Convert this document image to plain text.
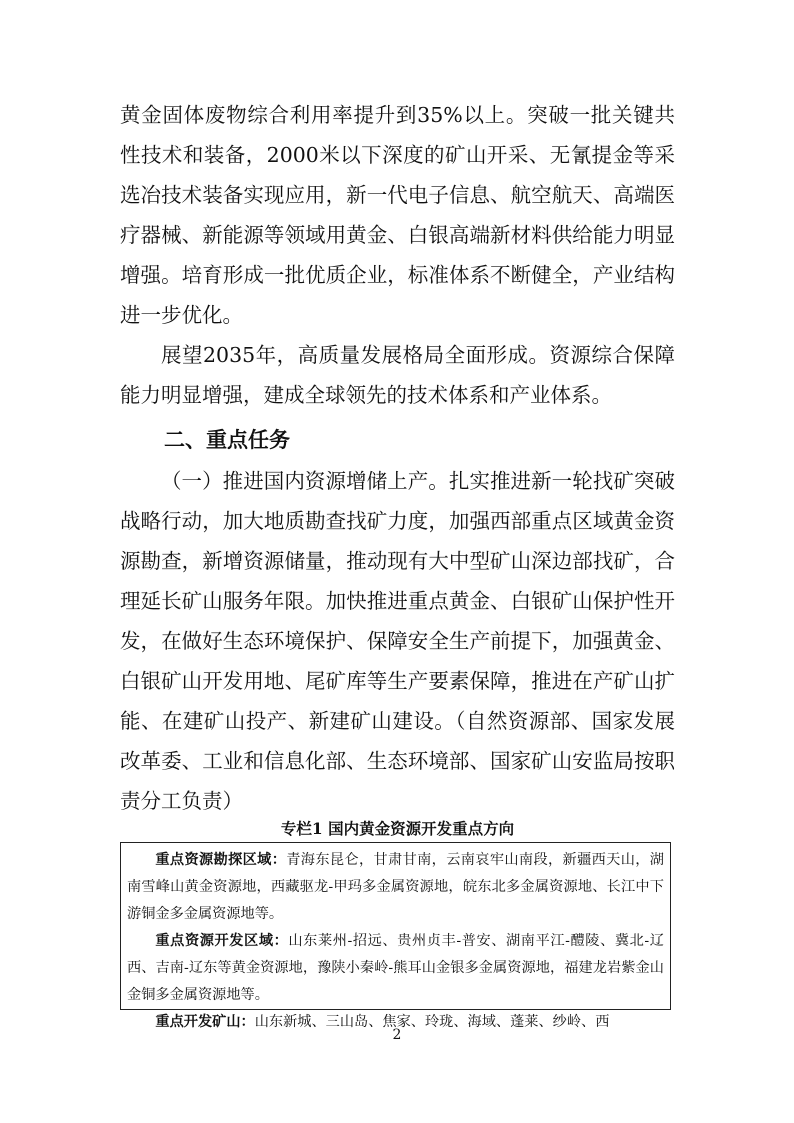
黄金固体废物综合利用率提升到35%以上。突破一批关键共性技术和装备，2000米以下深度的矿山开采、无氰提金等采选冶技术装备实现应用，新一代电子信息、航空航天、高端医疗器械、新能源等领域用黄金、白银高端新材料供给能力明显增强。培育形成一批优质企业，标准体系不断健全，产业结构进一步优化。

展望2035年，高质量发展格局全面形成。资源综合保障能力明显增强，建成全球领先的技术体系和产业体系。

二、重点任务

（一）推进国内资源增储上产。扎实推进新一轮找矿突破战略行动，加大地质勘查找矿力度，加强西部重点区域黄金资源勘查，新增资源储量，推动现有大中型矿山深边部找矿，合理延长矿山服务年限。加快推进重点黄金、白银矿山保护性开发，在做好生态环境保护、保障安全生产前提下，加强黄金、白银矿山开发用地、尾矿库等生产要素保障，推进在产矿山扩能、在建矿山投产、新建矿山建设。（自然资源部、国家发展改革委、工业和信息化部、生态环境部、国家矿山安监局按职责分工负责）

专栏1 国内黄金资源开发重点方向

重点资源勘探区域：青海东昆仑，甘肃甘南，云南哀牢山南段，新疆西天山，湖南雪峰山黄金资源地，西藏驱龙-甲玛多金属资源地，皖东北多金属资源地、长江中下游铜金多金属资源地等。

重点资源开发区域：山东莱州-招远、贵州贞丰-普安、湖南平江-醴陵、冀北-辽西、吉南-辽东等黄金资源地，豫陕小秦岭-熊耳山金银多金属资源地，福建龙岩紫金山金铜多金属资源地等。

重点开发矿山：山东新城、三山岛、焦家、玲珑、海域、蓬莱、纱岭、西

2
